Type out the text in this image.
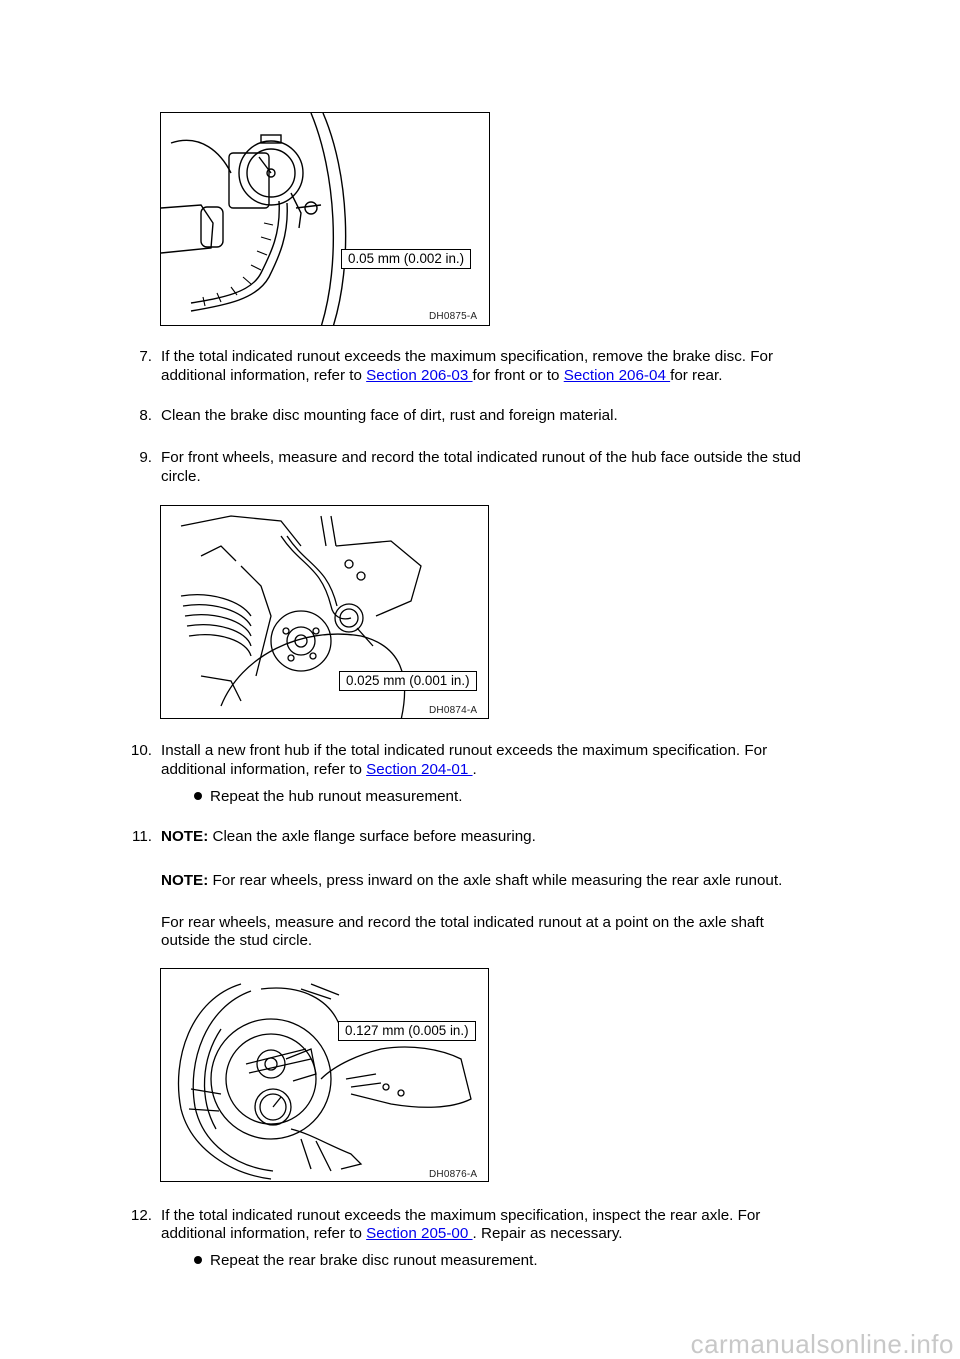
0.05 mm (0.002 in.)
DH0875-A
7. If the total indicated runout exceeds the maximum specification, remove the brake disc. For
additional information, refer to Section 206-03 for front or to Section 206-04 for rear.
8. Clean the brake disc mounting face of dirt, rust and foreign material.
9. For front wheels, measure and record the total indicated runout of the hub face outside the stud
circle.
0.025 mm (0.001 in.)
DH0874-A
10. Install a new front hub if the total indicated runout exceeds the maximum specification. For
additional information, refer to Section 204-01 .
Repeat the hub runout measurement.
11. NOTE: Clean the axle flange surface before measuring.
NOTE: For rear wheels, press inward on the axle shaft while measuring the rear axle runout.
For rear wheels, measure and record the total indicated runout at a point on the axle shaft
outside the stud circle.
0.127 mm (0.005 in.)
DH0876-A
12. If the total indicated runout exceeds the maximum specification, inspect the rear axle. For
additional information, refer to Section 205-00 . Repair as necessary.
Repeat the rear brake disc runout measurement.
carmanualsonline.info
